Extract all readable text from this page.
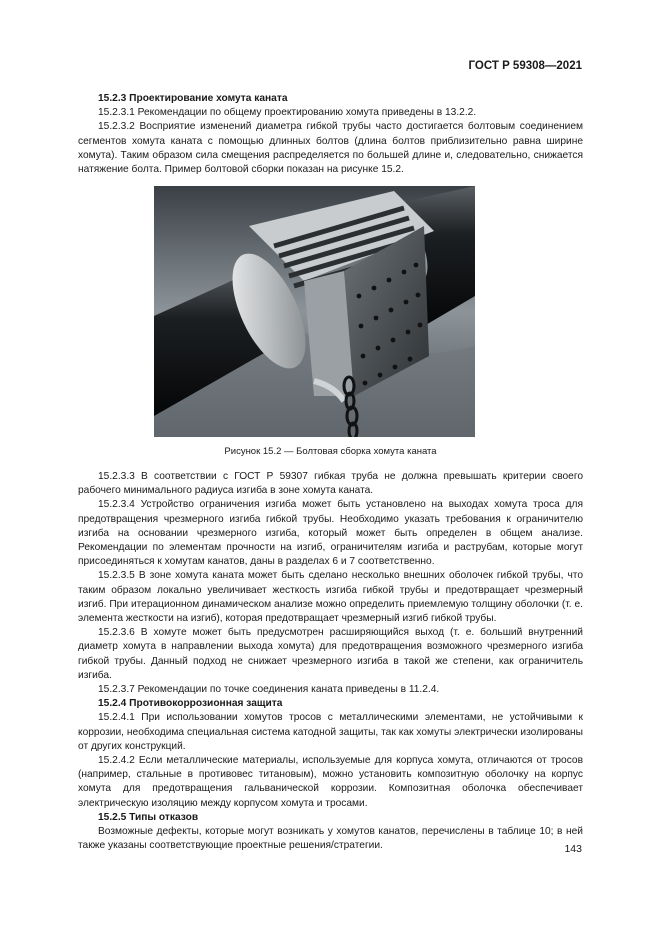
ГОСТ Р 59308—2021

15.2.3 Проектирование хомута каната

15.2.3.1 Рекомендации по общему проектированию хомута приведены в 13.2.2.

15.2.3.2 Восприятие изменений диаметра гибкой трубы часто достигается болтовым соединением сегментов хомута каната с помощью длинных болтов (длина болтов приблизительно равна ширине хомута). Таким образом сила смещения распределяется по большей длине и, следовательно, снижается натяжение болта. Пример болтовой сборки показан на рисунке 15.2.

Рисунок 15.2 — Болтовая сборка хомута каната

15.2.3.3 В соответствии с ГОСТ Р 59307 гибкая труба не должна превышать критерии своего рабочего минимального радиуса изгиба в зоне хомута каната.

15.2.3.4 Устройство ограничения изгиба может быть установлено на выходах хомута троса для предотвращения чрезмерного изгиба гибкой трубы. Необходимо указать требования к ограничителю изгиба на основании чрезмерного изгиба, который может быть определен в общем анализе. Рекомендации по элементам прочности на изгиб, ограничителям изгиба и раструбам, которые могут присоединяться к хомутам канатов, даны в разделах 6 и 7 соответственно.

15.2.3.5 В зоне хомута каната может быть сделано несколько внешних оболочек гибкой трубы, что таким образом локально увеличивает жесткость изгиба гибкой трубы и предотвращает чрезмерный изгиб. При итерационном динамическом анализе можно определить приемлемую толщину оболочки (т. е. элемента жесткости на изгиб), которая предотвращает чрезмерный изгиб гибкой трубы.

15.2.3.6 В хомуте может быть предусмотрен расширяющийся выход (т. е. больший внутренний диаметр хомута в направлении выхода хомута) для предотвращения возможного чрезмерного изгиба гибкой трубы. Данный подход не снижает чрезмерного изгиба в такой же степени, как ограничитель изгиба.

15.2.3.7 Рекомендации по точке соединения каната приведены в 11.2.4.

15.2.4 Противокоррозионная защита

15.2.4.1 При использовании хомутов тросов с металлическими элементами, не устойчивыми к коррозии, необходима специальная система катодной защиты, так как хомуты электрически изолированы от других конструкций.

15.2.4.2 Если металлические материалы, используемые для корпуса хомута, отличаются от тросов (например, стальные в противовес титановым), можно установить композитную оболочку на корпус хомута для предотвращения гальванической коррозии. Композитная оболочка обеспечивает электрическую изоляцию между корпусом хомута и тросами.

15.2.5 Типы отказов

Возможные дефекты, которые могут возникать у хомутов канатов, перечислены в таблице 10; в ней также указаны соответствующие проектные решения/стратегии.	143
